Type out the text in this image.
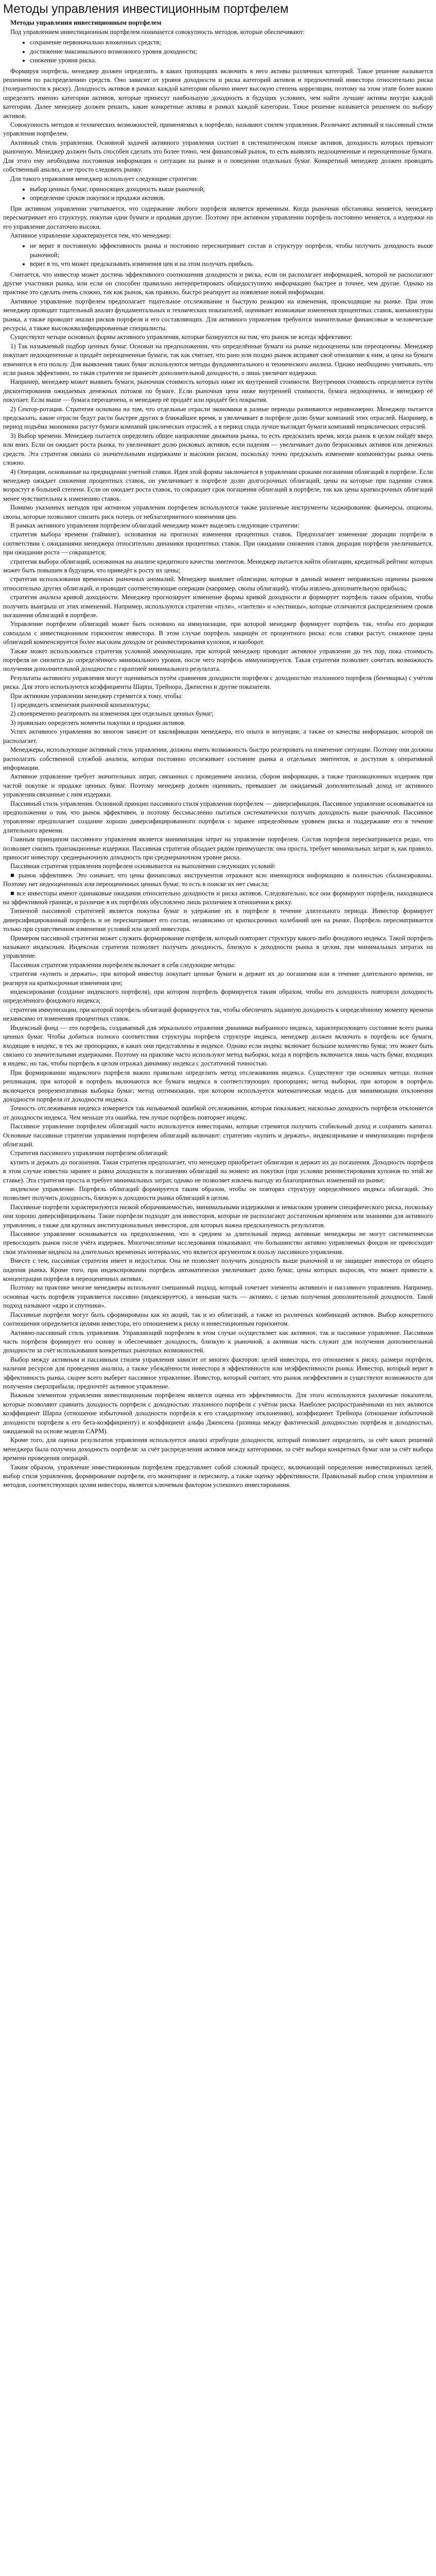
Методы управления инвестиционным портфелем
Методы управления инвестиционным портфелем

Под управлением инвестиционным портфелем понимается совокупность методов, которые обеспечивают:

• сохранение первоначально вложенных средств;
• достижение максимального возможного уровня доходности;
• снижение уровня риска.

Формируя портфель, менеджер должен определить, в каких пропорциях включить в него активы различных категорий. Такое решение называется решением по распределению средств. Оно зависит от уровня доходности и риска категорий активов и предпочтений инвестора относительно риска (толерантности к риску). Доходность активов в рамках каждой категории обычно имеет высокую степень корреляции, поэтому на этом этапе более важно определить именно категории активов, которые принесут наибольшую доходность в будущих условиях, чем найти лучшие активы внутри каждой категории. Далее менеджер должен решить, какие конкретные активы в рамках каждой категории. Такое решение называется решением по выбору активов.

Совокупность методов и технических возможностей, применяемых к портфелю, называют стилем управления. Различают активный и пассивный стили управления портфелем.

Активный стиль управления. Основной задачей активного управления состоит в систематическом поиске активов, доходность которых превысит рыночную. Менеджер должен быть способен сделать это более точно, чем финансовый рынок, то есть выявлять недооцененные и переоцененные бумаги. Для этого ему необходима постоянная информация о ситуации на рынке и о поведении отдельных бумаг. Конкретный менеджер должен проводить собственный анализ, а не просто следовать рынку.

Для такого управления менеджер использует следующие стратегии:

• выбор ценных бумаг, приносящих доходность выше рыночной;
• определение сроков покупки и продажи активов.

При активном управлении учитывается, что содержание любого портфеля является временным. Когда рыночная обстановка меняется, менеджер пересматривает его структуру, покупая одни бумаги и продавая другие. Поэтому при активном управлении портфель постоянно меняется, а издержки на его управление достаточно высоки.

Активное управление характеризуется тем, что менеджер:

• не верит в постоянную эффективность рынка и постоянно пересматривает состав и структуру портфеля, чтобы получить доходность выше рыночной;
• верит в то, что может предсказывать изменения цен и на этом получать прибыль.

Считается, что инвестор может достичь эффективного соотношения доходности и риска, если он располагает информацией, которой не располагают другие участники рынка, или если он способен правильно интерпретировать общедоступную информацию быстрее и точнее, чем другие. Однако на практике это сделать очень сложно, так как рынок, как правило, быстро реагирует на появление новой информации.

Активное управление портфелем предполагает тщательное отслеживание и быструю реакцию на изменения, происходящие на рынке. При этом менеджер проводит тщательный анализ фундаментальных и технических показателей, оценивает возможные изменения процентных ставок, конъюнктуры рынка, а также проводит анализ рисков портфеля и его составляющих. Для активного управления требуются значительные финансовые и человеческие ресурсы, а также высококвалифицированные специалисты.

Существуют четыре основных формы активного управления, которые базируются на том, что рынок не всегда эффективен:

1) Так называемый подбор ценных бумаг. Основан на предположении, что определённые бумаги на рынке недооценены или переоценены. Менеджер покупает недооцененные и продаёт переоцененные бумаги, так как считает, что рано или поздно рынок исправит своё отношение к ним, и цена на бумаги изменится в его пользу. Для выявления таких бумаг используются методы фундаментального и технического анализа. Однако необходимо учитывать, что если рынок эффективен, то такая стратегия не принесёт дополнительной доходности, а лишь увеличит издержки.

Например, менеджер может выявить бумаги, рыночная стоимость которых ниже их внутренней стоимости. Внутренняя стоимость определяется путём дисконтирования ожидаемых денежных потоков по бумаге. Если рыночная цена ниже внутренней стоимости, бумага недооценена, и менеджер её покупает. Если выше — бумага переоценена, и менеджер её продаёт или продаёт без покрытия.

2) Сектор-ротация. Стратегия основана на том, что отдельные отрасли экономики в разные периоды развиваются неравномерно. Менеджер пытается предсказать, какие отрасли будут расти быстрее других в ближайшее время, и увеличивает в портфеле долю бумаг компаний этих отраслей. Например, в период подъёма экономики растут бумаги компаний циклических отраслей, а в период спада лучше выглядят бумаги компаний нециклических отраслей.

3) Выбор времени. Менеджер пытается определить общее направление движения рынка, то есть предсказать время, когда рынок в целом пойдёт вверх или вниз. Если он ожидает роста рынка, то увеличивает долю рисковых активов, если падения — увеличивает долю безрисковых активов или денежных средств. Эта стратегия связана со значительными издержками и высоким риском, поскольку точно предсказать изменение конъюнктуры рынка очень сложно.

4) Операции, основанные на предвидении учетной ставки. Идея этой формы заключается в управлении сроками погашения облигаций в портфеле. Если менеджер ожидает снижения процентных ставок, он увеличивает в портфеле долю долгосрочных облигаций, цены на которые при падении ставок возрастут в большей степени. Если он ожидает роста ставок, то сокращает срок погашения облигаций в портфеле, так как цены краткосрочных облигаций менее чувствительны к изменению ставок.

Помимо указанных методов при активном управлении портфелем используются также различные инструменты хеджирования: фьючерсы, опционы, свопы, которые позволяют снизить риск потерь от неблагоприятного изменения цен.

В рамках активного управления портфелем облигаций менеджер может выделять следующие стратегии:

стратегия выбора времени (тайминг), основанная на прогнозах изменения процентных ставок. Предполагает изменение дюрации портфеля в соответствии с ожиданиями менеджера относительно динамики процентных ставок. При ожидании снижения ставок дюрация портфеля увеличивается, при ожидании роста — сокращается;

стратегия выбора облигаций, основанная на анализе кредитного качества эмитентов. Менеджер пытается найти облигации, кредитный рейтинг которых может быть повышен в будущем, что приведёт к росту их цены;

стратегия использования временных рыночных аномалий. Менеджер выявляет облигации, которые в данный момент неправильно оценены рынком относительно других облигаций, и проводит соответствующие операции (например, свопы облигаций), чтобы извлечь дополнительную прибыль;

стратегия анализа кривой доходности. Менеджер прогнозирует изменение формы кривой доходности и формирует портфель таким образом, чтобы получить выигрыш от этих изменений. Например, используются стратегии «пули», «гантели» и «лестницы», которые отличаются распределением сроков погашения облигаций в портфеле.

Управление портфелем облигаций может быть основано на иммунизации, при которой менеджер формирует портфель так, чтобы его дюрация совпадала с инвестиционным горизонтом инвестора. В этом случае портфель защищён от процентного риска: если ставки растут, снижение цены облигаций компенсируется более высоким доходом от реинвестирования купонов, и наоборот.

Также может использоваться стратегия условной иммунизации, при которой менеджер проводит активное управление до тех пор, пока стоимость портфеля не снизится до определённого минимального уровня, после чего портфель иммунизируется. Такая стратегия позволяет сочетать возможность получения дополнительной доходности с гарантией минимального результата.

Результаты активного управления могут оцениваться путём сравнения доходности портфеля с доходностью эталонного портфеля (бенчмарка) с учётом риска. Для этого используются коэффициенты Шарпа, Трейнора, Дженсена и другие показатели.

При активном управлении менеджер стремится к тому, чтобы:

1) предвидеть изменения рыночной конъюнктуры;

2) своевременно реагировать на изменения цен отдельных ценных бумаг;

3) правильно определять моменты покупки и продажи активов.

Успех активного управления во многом зависит от квалификации менеджера, его опыта и интуиции, а также от качества информации, которой он располагает.

Менеджеры, использующие активный стиль управления, должны иметь возможность быстро реагировать на изменение ситуации. Поэтому они должны располагать собственной службой анализа, которая постоянно отслеживает состояние рынка и отдельных эмитентов, и доступом к оперативной информации.

Активное управление требует значительных затрат, связанных с проведением анализа, сбором информации, а также транзакционных издержек при частой покупке и продаже ценных бумаг. Поэтому менеджер должен оценивать, превышает ли ожидаемый дополнительный доход от активного управления связанные с ним издержки.

Пассивный стиль управления. Основной принцип пассивного стиля управления портфелем — диверсификация. Пассивное управление основывается на предположении о том, что рынок эффективен, и поэтому бессмысленно пытаться систематически получать доходность выше рыночной. Пассивное управление предполагает создание хорошо диверсифицированного портфеля с заранее определённым уровнем риска и поддержание его в течение длительного времени.

Главным принципом пассивного управления является минимизация затрат на управление портфелем. Состав портфеля пересматривается редко, что позволяет снизить транзакционные издержки. Пассивная стратегия обладает рядом преимуществ: она проста, требует минимальных затрат и, как правило, приносит инвестору среднерыночную доходность при среднерыночном уровне риска.

Пассивная стратегия управления портфелем основывается на выполнении следующих условий:

■ рынок эффективен. Это означает, что цены финансовых инструментов отражают всю имеющуюся информацию и полностью сбалансированы. Поэтому нет недооцененных или переоцененных ценных бумаг, то есть в поиске их нет смысла;

■ все инвесторы имеют одинаковые ожидания относительно доходности и риска активов. Следовательно, все они формируют портфели, находящиеся на эффективной границе, и различие в их портфелях обусловлено лишь различием в отношении к риску.

Типичной пассивной стратегией является покупка бумаг и удержание их в портфеле в течение длительного периода. Инвестор формирует диверсифицированный портфель и не пересматривает его состав, независимо от краткосрочных колебаний цен на рынке. Портфель пересматривается только при существенном изменении условий или целей инвестора.

Примером пассивной стратегии может служить формирование портфеля, который повторяет структуру какого-либо фондового индекса. Такой портфель называют индексным. Индексная стратегия позволяет получать доходность, близкую к доходности рынка в целом, при минимальных затратах на управление.

Пассивная стратегия управления портфелем включает в себя следующие методы:

стратегия «купить и держать», при которой инвестор покупает ценные бумаги и держит их до погашения или в течение длительного времени, не реагируя на краткосрочные изменения цен;

индексирование (создание индексного портфеля), при котором портфель формируется таким образом, чтобы его доходность повторяла доходность определённого фондового индекса;

стратегия иммунизации, при которой портфель облигаций формируется так, чтобы обеспечить заданную доходность к определённому моменту времени независимо от изменения процентных ставок.

Индексный фонд — это портфель, создаваемый для зеркального отражения динамики выбранного индекса, характеризующего состояние всего рынка ценных бумаг. Чтобы добиться полного соответствия структуры портфеля структуре индекса, менеджер должен включать в портфель все бумаги, входящие в индекс, в тех же пропорциях, в каких они представлены в индексе. Однако если индекс включает большое количество бумаг, это может быть связано со значительными издержками. Поэтому на практике часто используют метод выборки, когда в портфель включается лишь часть бумаг, входящих в индекс, но так, чтобы портфель в целом отражал динамику индекса с достаточной точностью.

При формировании индексного портфеля важно правильно определить метод отслеживания индекса. Существуют три основных метода: полная репликация, при которой в портфель включаются все бумаги индекса в соответствующих пропорциях; метод выборки, при котором в портфель включается репрезентативная выборка бумаг; метод оптимизации, при котором используется математическая модель для минимизации отклонения доходности портфеля от доходности индекса.

Точность отслеживания индекса измеряется так называемой ошибкой отслеживания, которая показывает, насколько доходность портфеля отклоняется от доходности индекса. Чем меньше эта ошибка, тем лучше портфель повторяет индекс.

Пассивное управление портфелем облигаций часто используется инвесторами, которые стремятся получить стабильный доход и сохранить капитал. Основные пассивные стратегии управления портфелем облигаций включают: стратегию «купить и держать», индексирование и иммунизацию портфеля облигаций.

Стратегия пассивного управления портфелем облигаций:

купить и держать до погашения. Такая стратегия предполагает, что менеджер приобретает облигации и держит их до погашения. Доходность портфеля в этом случае известна заранее и равна доходности к погашению облигаций на момент их покупки (при условии реинвестирования купонов по этой же ставке). Эта стратегия проста и требует минимальных затрат, однако не позволяет извлечь выгоду из благоприятных изменений на рынке;

индексное управление. Портфель облигаций формируется таким образом, чтобы он повторял структуру определённого индекса облигаций. Это позволяет получить доходность, близкую к доходности рынка облигаций в целом.

Пассивные портфели характеризуются низкой оборачиваемостью, минимальными издержками и невысоким уровнем специфического риска, поскольку они хорошо диверсифицированы. Такие портфели подходят для инвесторов, которые не располагают достаточным временем или знаниями для активного управления, а также для крупных институциональных инвесторов, для которых важна предсказуемость результатов.

Пассивное управление основывается на предположении, что в среднем за длительный период активные менеджеры не могут систематически превосходить рынок после учёта издержек. Многочисленные исследования показывают, что большинство активно управляемых фондов не превосходят свои эталонные индексы на длительных временных интервалах, что является аргументом в пользу пассивного управления.

Вместе с тем, пассивная стратегия имеет и недостатки. Она не позволяет получить доходность выше рыночной и не защищает инвестора от общего падения рынка. Кроме того, при индексировании портфель автоматически увеличивает долю бумаг, цены которых выросли, что может привести к концентрации портфеля в переоцененных активах.

Поэтому на практике многие менеджеры используют смешанный подход, который сочетает элементы активного и пассивного управления. Например, основная часть портфеля управляется пассивно (индексируется), а меньшая часть — активно, с целью получения дополнительной доходности. Такой подход называют «ядро и спутники».

Пассивные портфели могут быть сформированы как из акций, так и из облигаций, а также из различных комбинаций активов. Выбор конкретного соотношения определяется целями инвестора, его отношением к риску и инвестиционным горизонтом.

Активно-пассивный стиль управления. Управляющий портфелем в этом случае осуществляет как активное, так и пассивное управление. Пассивная часть портфеля формирует его основу и обеспечивает доходность, близкую к рыночной, а активная часть служит для получения дополнительной доходности за счёт использования конкретных рыночных возможностей.

Выбор между активным и пассивным стилем управления зависит от многих факторов: целей инвестора, его отношения к риску, размера портфеля, наличия ресурсов для проведения анализа, а также убеждённости инвестора в эффективности или неэффективности рынка. Инвестор, который верит в эффективность рынка, скорее всего выберет пассивное управление. Инвестор, который считает, что рынок неэффективен и существуют возможности для получения сверхприбыли, предпочтёт активное управление.

Важным элементом управления инвестиционным портфелем является оценка его эффективности. Для этого используются различные показатели, которые позволяют сравнить доходность портфеля с доходностью эталонного портфеля с учётом риска. Наиболее распространёнными из них являются коэффициент Шарпа (отношение избыточной доходности портфеля к его стандартному отклонению), коэффициент Трейнора (отношение избыточной доходности портфеля к его бета-коэффициенту) и коэффициент альфа Дженсена (разница между фактической доходностью портфеля и доходностью, ожидаемой на основе модели CAPM).

Кроме того, для оценки результатов управления используется анализ атрибуции доходности, который позволяет определить, за счёт каких решений менеджера была получена доходность портфеля: за счёт распределения активов между категориями, за счёт выбора конкретных бумаг или за счёт выбора времени проведения операций.

Таким образом, управление инвестиционным портфелем представляет собой сложный процесс, включающий определение инвестиционных целей, выбор стиля управления, формирование портфеля, его мониторинг и пересмотр, а также оценку эффективности. Правильный выбор стиля управления и методов, соответствующих целям инвестора, является ключевым фактором успешного инвестирования.
